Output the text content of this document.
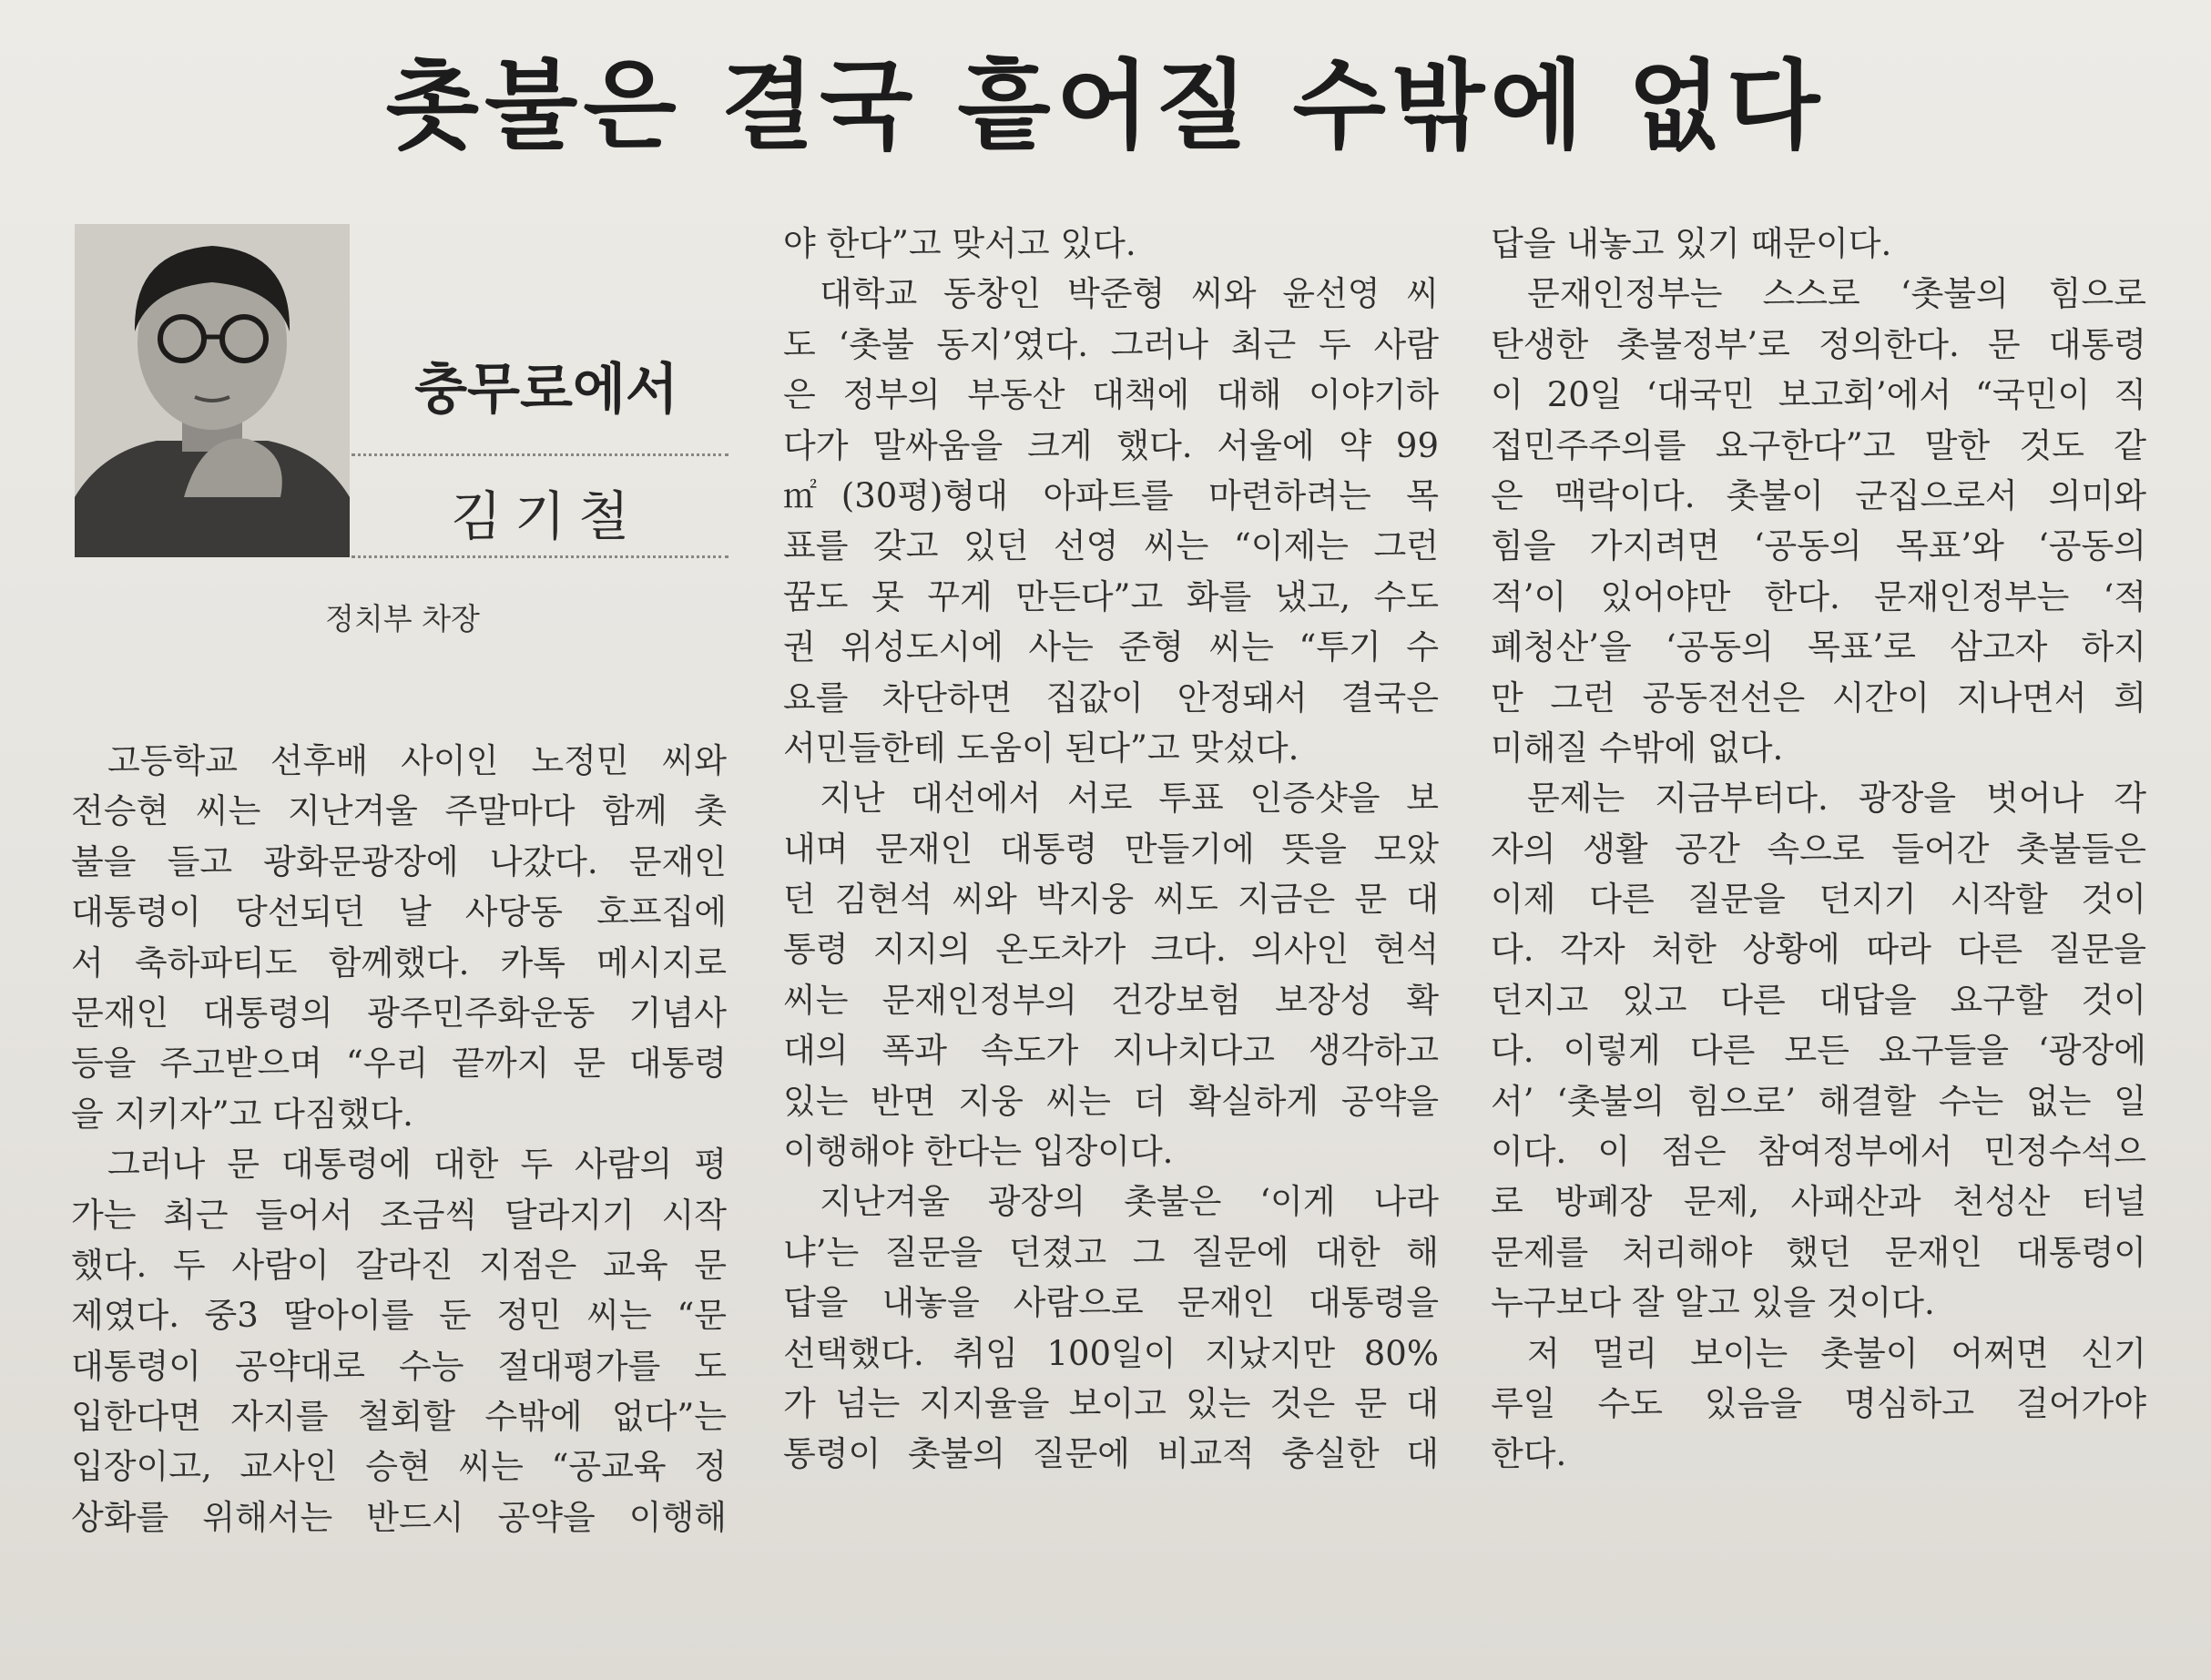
촛불은 결국 흩어질 수밖에 없다
충무로에서
김기철
정치부 차장
고등학교 선후배 사이인 노정민 씨와
전승현 씨는 지난겨울 주말마다 함께 촛
불을 들고 광화문광장에 나갔다. 문재인
대통령이 당선되던 날 사당동 호프집에
서 축하파티도 함께했다. 카톡 메시지로
문재인 대통령의 광주민주화운동 기념사
등을 주고받으며 “우리 끝까지 문 대통령
을 지키자”고 다짐했다.
그러나 문 대통령에 대한 두 사람의 평
가는 최근 들어서 조금씩 달라지기 시작
했다. 두 사람이 갈라진 지점은 교육 문
제였다. 중3 딸아이를 둔 정민 씨는 “문
대통령이 공약대로 수능 절대평가를 도
입한다면 자지를 철회할 수밖에 없다”는
입장이고, 교사인 승현 씨는 “공교육 정
상화를 위해서는 반드시 공약을 이행해
야 한다”고 맞서고 있다.
대학교 동창인 박준형 씨와 윤선영 씨
도 ‘촛불 동지’였다. 그러나 최근 두 사람
은 정부의 부동산 대책에 대해 이야기하
다가 말싸움을 크게 했다. 서울에 약 99
㎡(30평)형대 아파트를 마련하려는 목
표를 갖고 있던 선영 씨는 “이제는 그런
꿈도 못 꾸게 만든다”고 화를 냈고, 수도
권 위성도시에 사는 준형 씨는 “투기 수
요를 차단하면 집값이 안정돼서 결국은
서민들한테 도움이 된다”고 맞섰다.
지난 대선에서 서로 투표 인증샷을 보
내며 문재인 대통령 만들기에 뜻을 모았
던 김현석 씨와 박지웅 씨도 지금은 문 대
통령 지지의 온도차가 크다. 의사인 현석
씨는 문재인정부의 건강보험 보장성 확
대의 폭과 속도가 지나치다고 생각하고
있는 반면 지웅 씨는 더 확실하게 공약을
이행해야 한다는 입장이다.
지난겨울 광장의 촛불은 ‘이게 나라
냐’는 질문을 던졌고 그 질문에 대한 해
답을 내놓을 사람으로 문재인 대통령을
선택했다. 취임 100일이 지났지만 80%
가 넘는 지지율을 보이고 있는 것은 문 대
통령이 촛불의 질문에 비교적 충실한 대
답을 내놓고 있기 때문이다.
문재인정부는 스스로 ‘촛불의 힘으로
탄생한 촛불정부’로 정의한다. 문 대통령
이 20일 ‘대국민 보고회’에서 “국민이 직
접민주주의를 요구한다”고 말한 것도 같
은 맥락이다. 촛불이 군집으로서 의미와
힘을 가지려면 ‘공동의 목표’와 ‘공동의
적’이 있어야만 한다. 문재인정부는 ‘적
폐청산’을 ‘공동의 목표’로 삼고자 하지
만 그런 공동전선은 시간이 지나면서 희
미해질 수밖에 없다.
문제는 지금부터다. 광장을 벗어나 각
자의 생활 공간 속으로 들어간 촛불들은
이제 다른 질문을 던지기 시작할 것이
다. 각자 처한 상황에 따라 다른 질문을
던지고 있고 다른 대답을 요구할 것이
다. 이렇게 다른 모든 요구들을 ‘광장에
서’ ‘촛불의 힘으로’ 해결할 수는 없는 일
이다. 이 점은 참여정부에서 민정수석으
로 방폐장 문제, 사패산과 천성산 터널
문제를 처리해야 했던 문재인 대통령이
누구보다 잘 알고 있을 것이다.
저 멀리 보이는 촛불이 어쩌면 신기
루일 수도 있음을 명심하고 걸어가야
한다.
